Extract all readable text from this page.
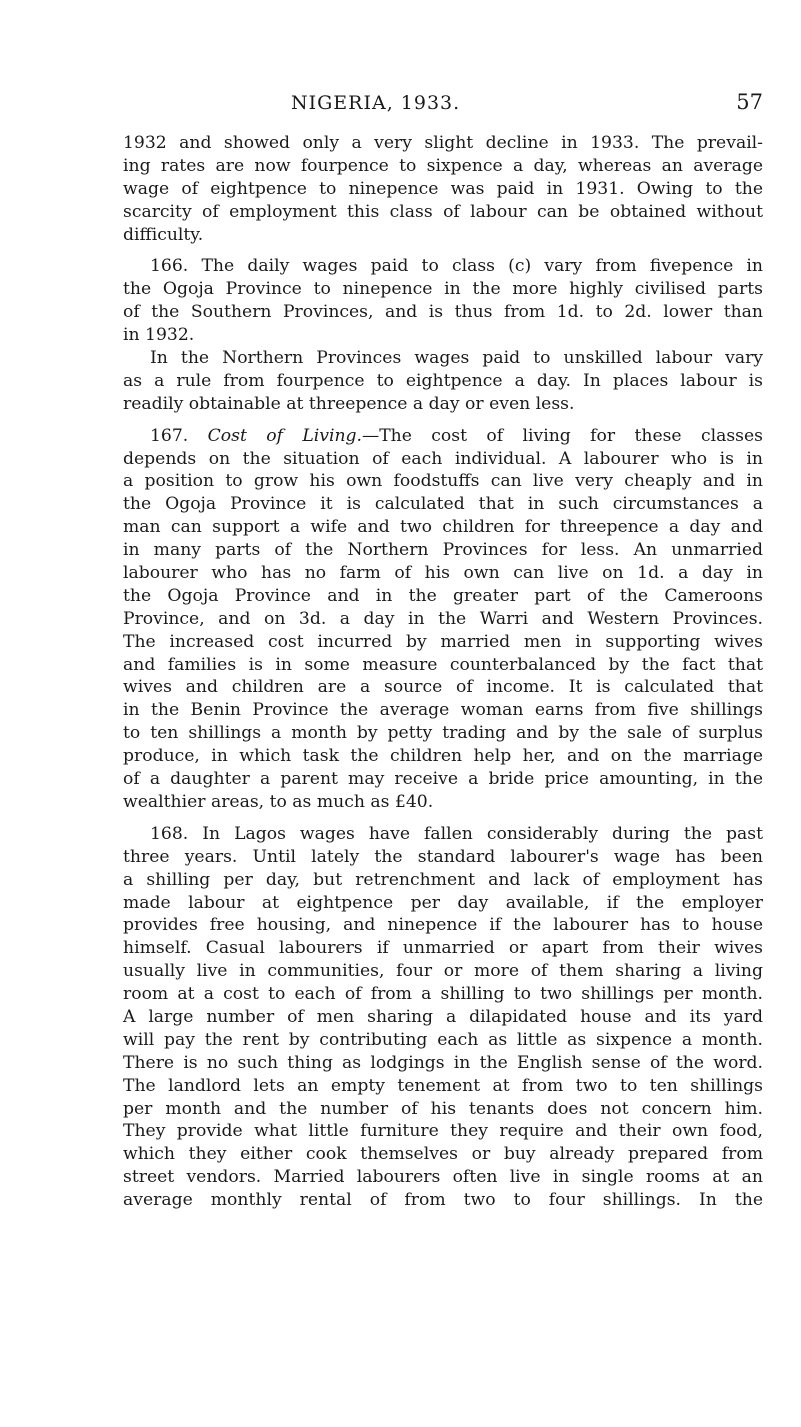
NIGERIA, 1933.	57
1932 and showed only a very slight decline in 1933. The prevail-
ing rates are now fourpence to sixpence a day, whereas an average
wage of eightpence to ninepence was paid in 1931. Owing to the
scarcity of employment this class of labour can be obtained without
difficulty.
166. The daily wages paid to class (c) vary from fivepence in
the Ogoja Province to ninepence in the more highly civilised parts
of the Southern Provinces, and is thus from 1d. to 2d. lower than
in 1932.
In the Northern Provinces wages paid to unskilled labour vary
as a rule from fourpence to eightpence a day. In places labour is
readily obtainable at threepence a day or even less.
167. Cost of Living.—The cost of living for these classes
depends on the situation of each individual. A labourer who is in
a position to grow his own foodstuffs can live very cheaply and in
the Ogoja Province it is calculated that in such circumstances a
man can support a wife and two children for threepence a day and
in many parts of the Northern Provinces for less. An unmarried
labourer who has no farm of his own can live on 1d. a day in
the Ogoja Province and in the greater part of the Cameroons
Province, and on 3d. a day in the Warri and Western Provinces.
The increased cost incurred by married men in supporting wives
and families is in some measure counterbalanced by the fact that
wives and children are a source of income. It is calculated that
in the Benin Province the average woman earns from five shillings
to ten shillings a month by petty trading and by the sale of surplus
produce, in which task the children help her, and on the marriage
of a daughter a parent may receive a bride price amounting, in the
wealthier areas, to as much as £40.
168. In Lagos wages have fallen considerably during the past
three years. Until lately the standard labourer's wage has been
a shilling per day, but retrenchment and lack of employment has
made labour at eightpence per day available, if the employer
provides free housing, and ninepence if the labourer has to house
himself. Casual labourers if unmarried or apart from their wives
usually live in communities, four or more of them sharing a living
room at a cost to each of from a shilling to two shillings per month.
A large number of men sharing a dilapidated house and its yard
will pay the rent by contributing each as little as sixpence a month.
There is no such thing as lodgings in the English sense of the word.
The landlord lets an empty tenement at from two to ten shillings
per month and the number of his tenants does not concern him.
They provide what little furniture they require and their own food,
which they either cook themselves or buy already prepared from
street vendors. Married labourers often live in single rooms at an
average monthly rental of from two to four shillings. In the
